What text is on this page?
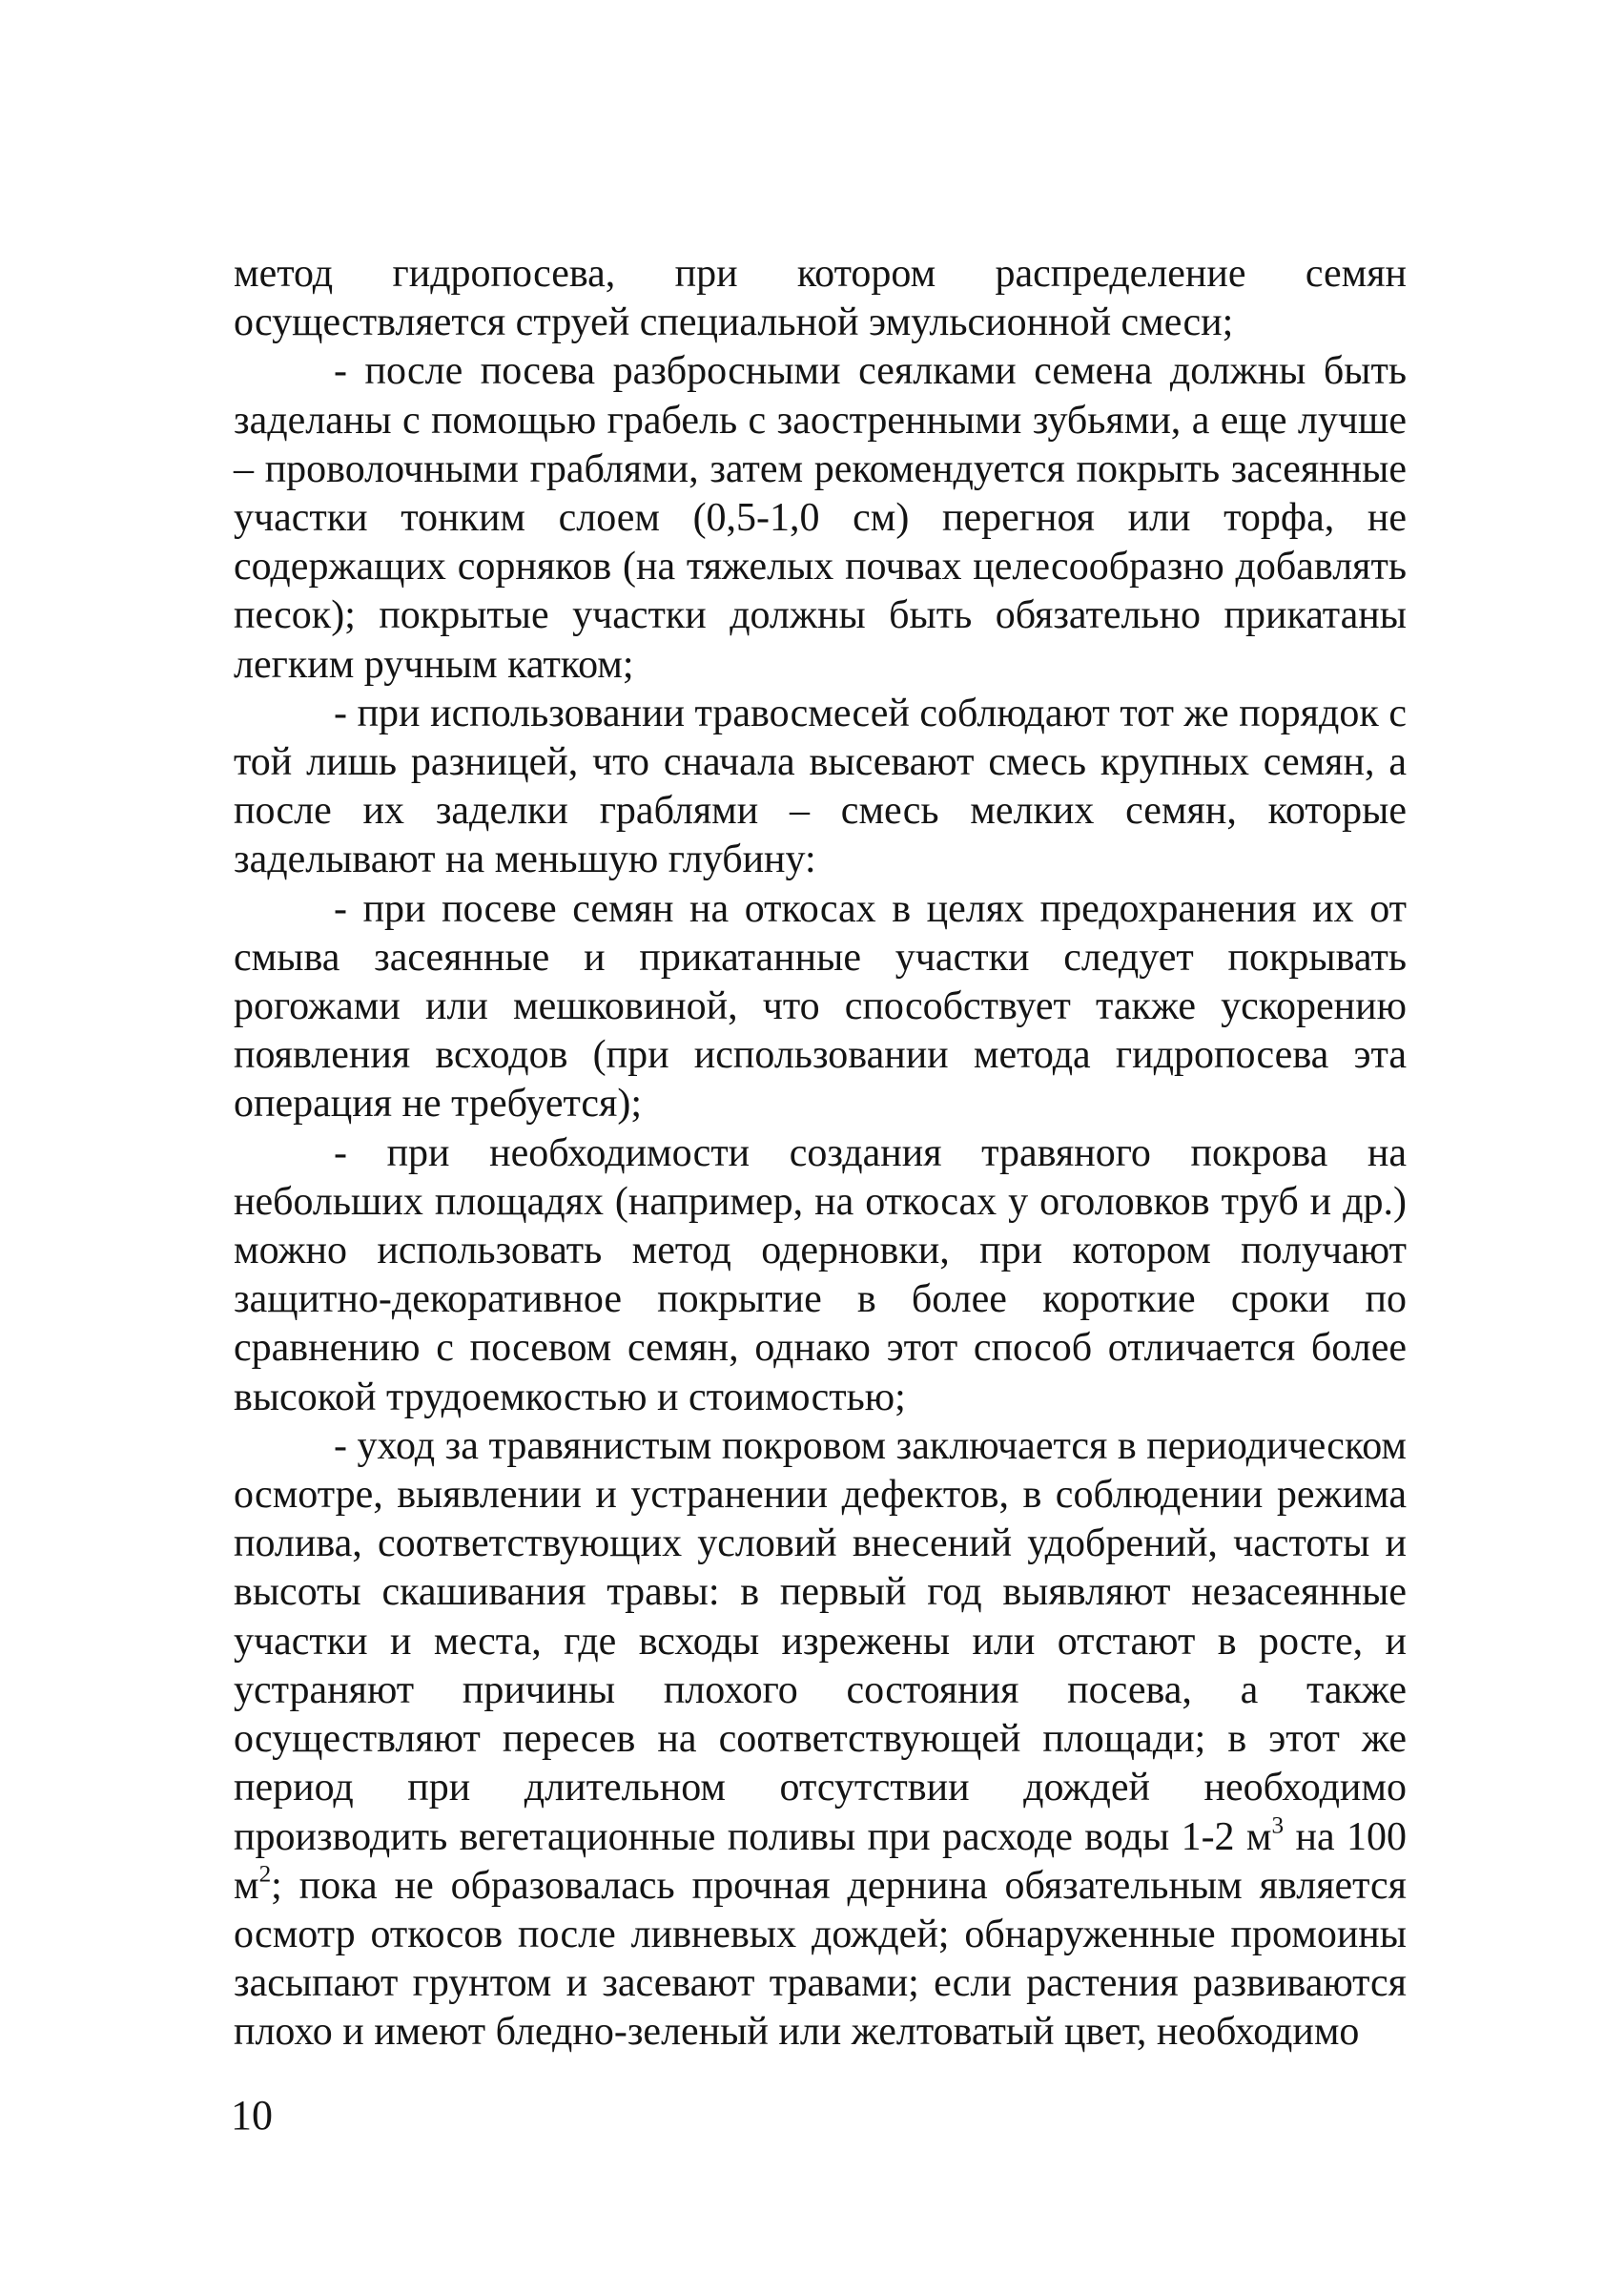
метод гидропосева, при котором распределение семян осуществляется струей специальной эмульсионной смеси;

- после посева разбросными сеялками семена должны быть заделаны с помощью грабель с заостренными зубьями, а еще лучше – проволочными граблями, затем рекомендуется покрыть засеянные участки тонким слоем (0,5-1,0 см) перегноя или торфа, не содержащих сорняков (на тяжелых почвах целесообразно добавлять песок); покрытые участки должны быть обязательно прикатаны легким ручным катком;

- при использовании травосмесей соблюдают тот же порядок с той лишь разницей, что сначала высевают смесь крупных семян, а после их заделки граблями – смесь мелких семян, которые заделывают на меньшую глубину:

- при посеве семян на откосах в целях предохранения их от смыва засеянные и прикатанные участки следует покрывать рогожами или мешковиной, что способствует также ускорению появления всходов (при использовании метода гидропосева эта операция не требуется);

- при необходимости создания травяного покрова на небольших площадях (например, на откосах у оголовков труб и др.) можно использовать метод одерновки, при котором получают защитно-декоративное покрытие в более короткие сроки по сравнению с посевом семян, однако этот способ отличается более высокой трудоемкостью и стоимостью;

- уход за травянистым покровом заключается в периодическом осмотре, выявлении и устранении дефектов, в соблюдении режима полива, соответствующих условий внесений удобрений, частоты и высоты скашивания травы: в первый год выявляют незасеянные участки и места, где всходы изрежены или отстают в росте, и устраняют причины плохого состояния посева, а также осуществляют пересев на соответствующей площади; в этот же период при длительном отсутствии дождей необходимо производить вегетационные поливы при расходе воды 1-2 $м^3$ на 100 $м^2$; пока не образовалась прочная дернина обязательным является осмотр откосов после ливневых дождей; обнаруженные промоины засыпают грунтом и засевают травами; если растения развиваются плохо и имеют бледно-зеленый или желтоватый цвет, необходимо

10
